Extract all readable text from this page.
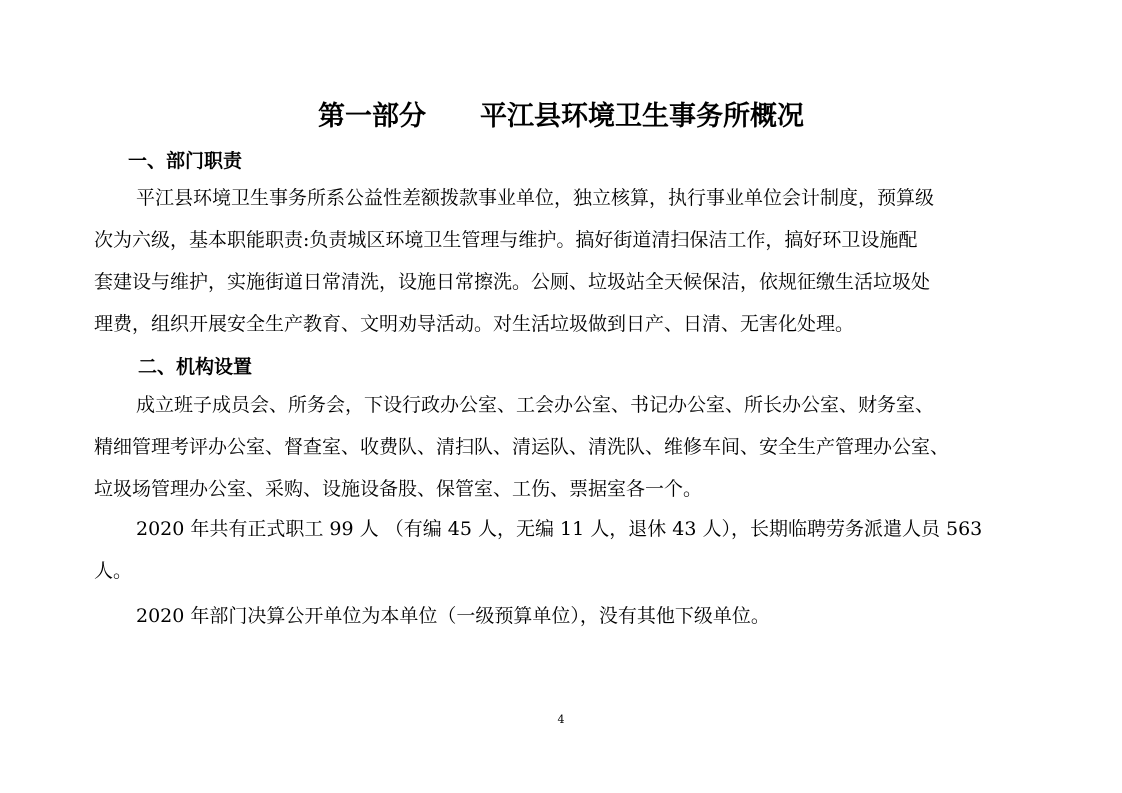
第一部分　　平江县环境卫生事务所概况
一、部门职责
平江县环境卫生事务所系公益性差额拨款事业单位，独立核算，执行事业单位会计制度，预算级
次为六级，基本职能职责:负责城区环境卫生管理与维护。搞好街道清扫保洁工作，搞好环卫设施配
套建设与维护，实施街道日常清洗，设施日常擦洗。公厕、垃圾站全天候保洁，依规征缴生活垃圾处
理费，组织开展安全生产教育、文明劝导活动。对生活垃圾做到日产、日清、无害化处理。
二、机构设置
成立班子成员会、所务会，下设行政办公室、工会办公室、书记办公室、所长办公室、财务室、
精细管理考评办公室、督查室、收费队、清扫队、清运队、清洗队、维修车间、安全生产管理办公室、
垃圾场管理办公室、采购、设施设备股、保管室、工伤、票据室各一个。
2020 年共有正式职工 99 人 （有编 45 人，无编 11 人，退休 43 人），长期临聘劳务派遣人员 563
人。
2020 年部门决算公开单位为本单位（一级预算单位），没有其他下级单位。
4
